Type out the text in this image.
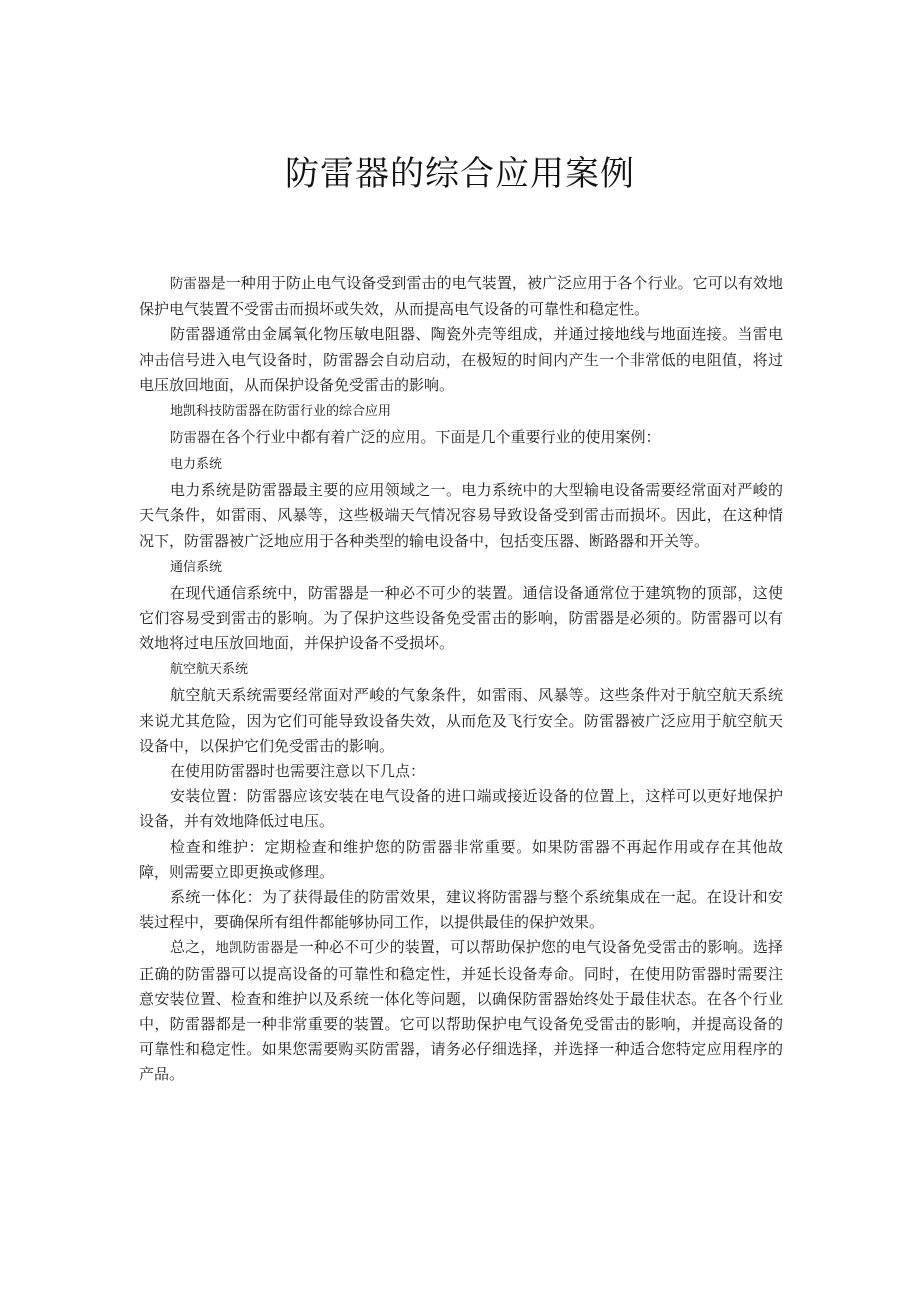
防雷器的综合应用案例

防雷器是一种用于防止电气设备受到雷击的电气装置，被广泛应用于各个行业。它可以有效地保护电气装置不受雷击而损坏或失效，从而提高电气设备的可靠性和稳定性。

防雷器通常由金属氧化物压敏电阻器、陶瓷外壳等组成，并通过接地线与地面连接。当雷电冲击信号进入电气设备时，防雷器会自动启动，在极短的时间内产生一个非常低的电阻值，将过电压放回地面，从而保护设备免受雷击的影响。

地凯科技防雷器在防雷行业的综合应用

防雷器在各个行业中都有着广泛的应用。下面是几个重要行业的使用案例：

电力系统

电力系统是防雷器最主要的应用领域之一。电力系统中的大型输电设备需要经常面对严峻的天气条件，如雷雨、风暴等，这些极端天气情况容易导致设备受到雷击而损坏。因此，在这种情况下，防雷器被广泛地应用于各种类型的输电设备中，包括变压器、断路器和开关等。

通信系统

在现代通信系统中，防雷器是一种必不可少的装置。通信设备通常位于建筑物的顶部，这使它们容易受到雷击的影响。为了保护这些设备免受雷击的影响，防雷器是必须的。防雷器可以有效地将过电压放回地面，并保护设备不受损坏。

航空航天系统

航空航天系统需要经常面对严峻的气象条件，如雷雨、风暴等。这些条件对于航空航天系统来说尤其危险，因为它们可能导致设备失效，从而危及飞行安全。防雷器被广泛应用于航空航天设备中，以保护它们免受雷击的影响。

在使用防雷器时也需要注意以下几点：

安装位置：防雷器应该安装在电气设备的进口端或接近设备的位置上，这样可以更好地保护设备，并有效地降低过电压。

检查和维护：定期检查和维护您的防雷器非常重要。如果防雷器不再起作用或存在其他故障，则需要立即更换或修理。

系统一体化：为了获得最佳的防雷效果，建议将防雷器与整个系统集成在一起。在设计和安装过程中，要确保所有组件都能够协同工作，以提供最佳的保护效果。

总之，地凯防雷器是一种必不可少的装置，可以帮助保护您的电气设备免受雷击的影响。选择正确的防雷器可以提高设备的可靠性和稳定性，并延长设备寿命。同时，在使用防雷器时需要注意安装位置、检查和维护以及系统一体化等问题，以确保防雷器始终处于最佳状态。在各个行业中，防雷器都是一种非常重要的装置。它可以帮助保护电气设备免受雷击的影响，并提高设备的可靠性和稳定性。如果您需要购买防雷器，请务必仔细选择，并选择一种适合您特定应用程序的产品。
